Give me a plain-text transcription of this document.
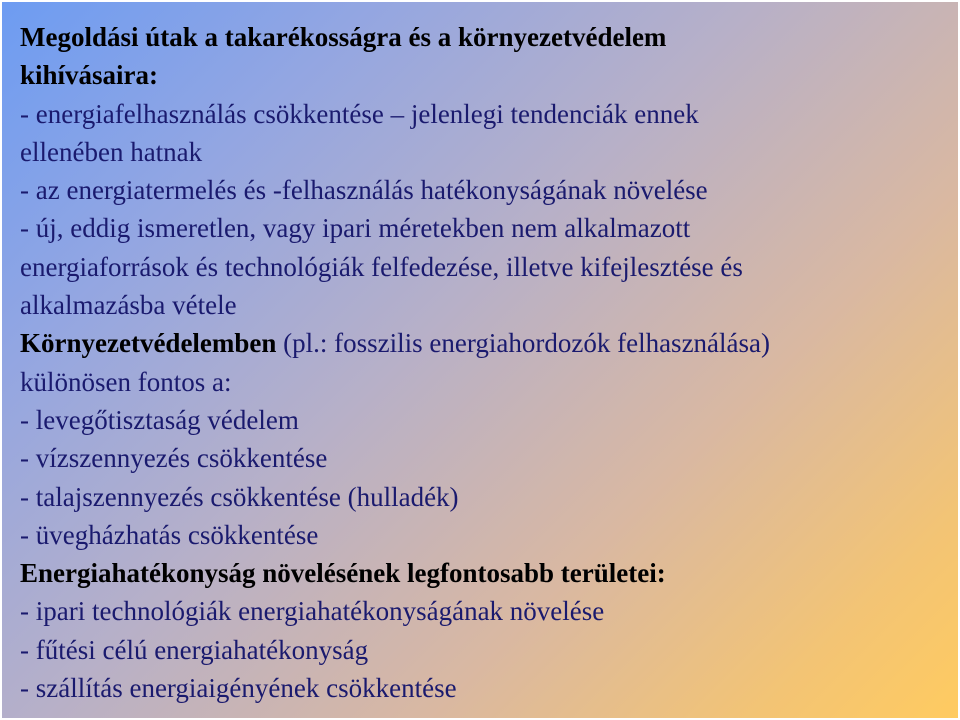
Megoldási útak a takarékosságra és a környezetvédelem
kihívásaira:
- energiafelhasználás csökkentése – jelenlegi tendenciák ennek
ellenében hatnak
- az energiatermelés és -felhasználás hatékonyságának növelése
- új, eddig ismeretlen, vagy ipari méretekben nem alkalmazott
energiaforrások és technológiák felfedezése, illetve kifejlesztése és
alkalmazásba vétele
Környezetvédelemben (pl.: fosszilis energiahordozók felhasználása)
különösen fontos a:
- levegőtisztaság védelem
- vízszennyezés csökkentése
- talajszennyezés csökkentése (hulladék)
- üvegházhatás csökkentése
Energiahatékonyság növelésének legfontosabb területei:
- ipari technológiák energiahatékonyságának növelése
- fűtési célú energiahatékonyság
- szállítás energiaigényének csökkentése
